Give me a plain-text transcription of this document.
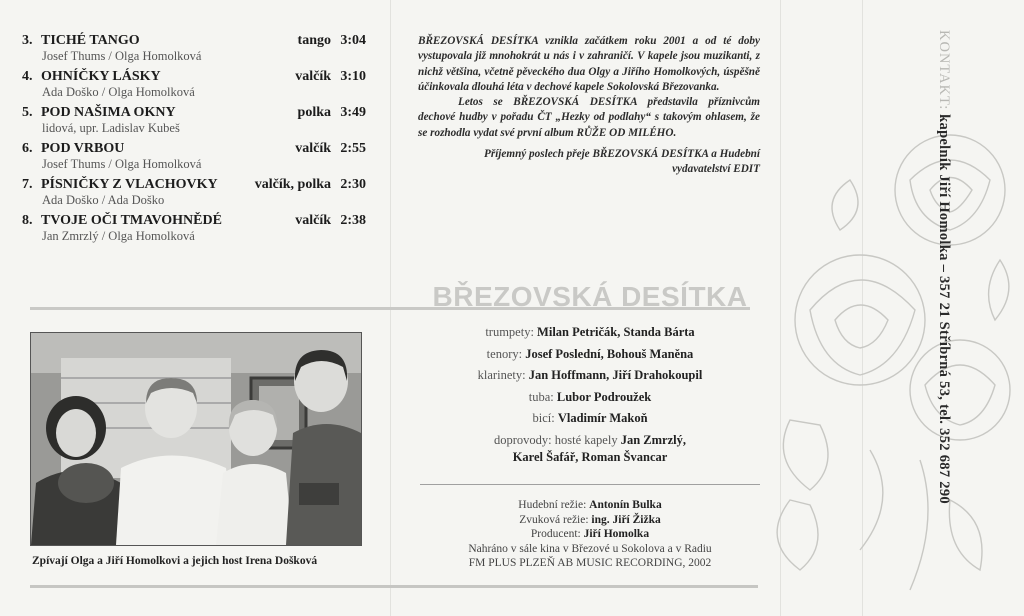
3. TICHÉ TANGO	tango 3:04
Josef Thums / Olga Homolková
4. OHNÍČKY LÁSKY	valčík 3:10
Ada Doško / Olga Homolková
5. POD NAŠIMA OKNY	polka 3:49
lidová, upr. Ladislav Kubeš
6. POD VRBOU	valčík 2:55
Josef Thums / Olga Homolková
7. PÍSNIČKY Z VLACHOVKY	valčík, polka 2:30
Ada Doško / Ada Doško
8. TVOJE OČI TMAVOHNĚDÉ	valčík 2:38
Jan Zmrzlý / Olga Homolková
Zpívají Olga a Jiří Homolkovi a jejich host Irena Došková

BŘEZOVSKÁ DESÍTKA vznikla začátkem roku 2001 a od té doby vystupovala již mnohokrát u nás i v zahraničí. V kapele jsou muzikanti, z nichž většina, včetně pěveckého dua Olgy a Jiřího Homolkových, úspěšně účinkovala dlouhá léta v dechové kapele Sokolovská Březovanka.

Letos se BŘEZOVSKÁ DESÍTKA představila příznivcům dechové hudby v pořadu ČT „Hezky od podlahy“ s takovým ohlasem, že se rozhodla vydat své první album RŮŽE OD MILÉHO.

Příjemný poslech přeje BŘEZOVSKÁ DESÍTKA a Hudební vydavatelství EDIT

BŘEZOVSKÁ DESÍTKA
trumpety: Milan Petričák, Standa Bárta
tenory: Josef Poslední, Bohouš Maněna
klarinety: Jan Hoffmann, Jiří Drahokoupil
tuba: Lubor Podroužek
bicí: Vladimír Makoň
doprovody: hosté kapely Jan Zmrzlý,
Karel Šafář, Roman Švancar
Hudební režie: Antonín Bulka
Zvuková režie: ing. Jiří Žižka
Producent: Jiří Homolka
Nahráno v sále kina v Březové u Sokolova a v Radiu
FM PLUS PLZEŇ AB MUSIC RECORDING, 2002
KONTAKT: kapelník Jiří Homolka – 357 21 Stříbrná 53, tel. 352 687 290
